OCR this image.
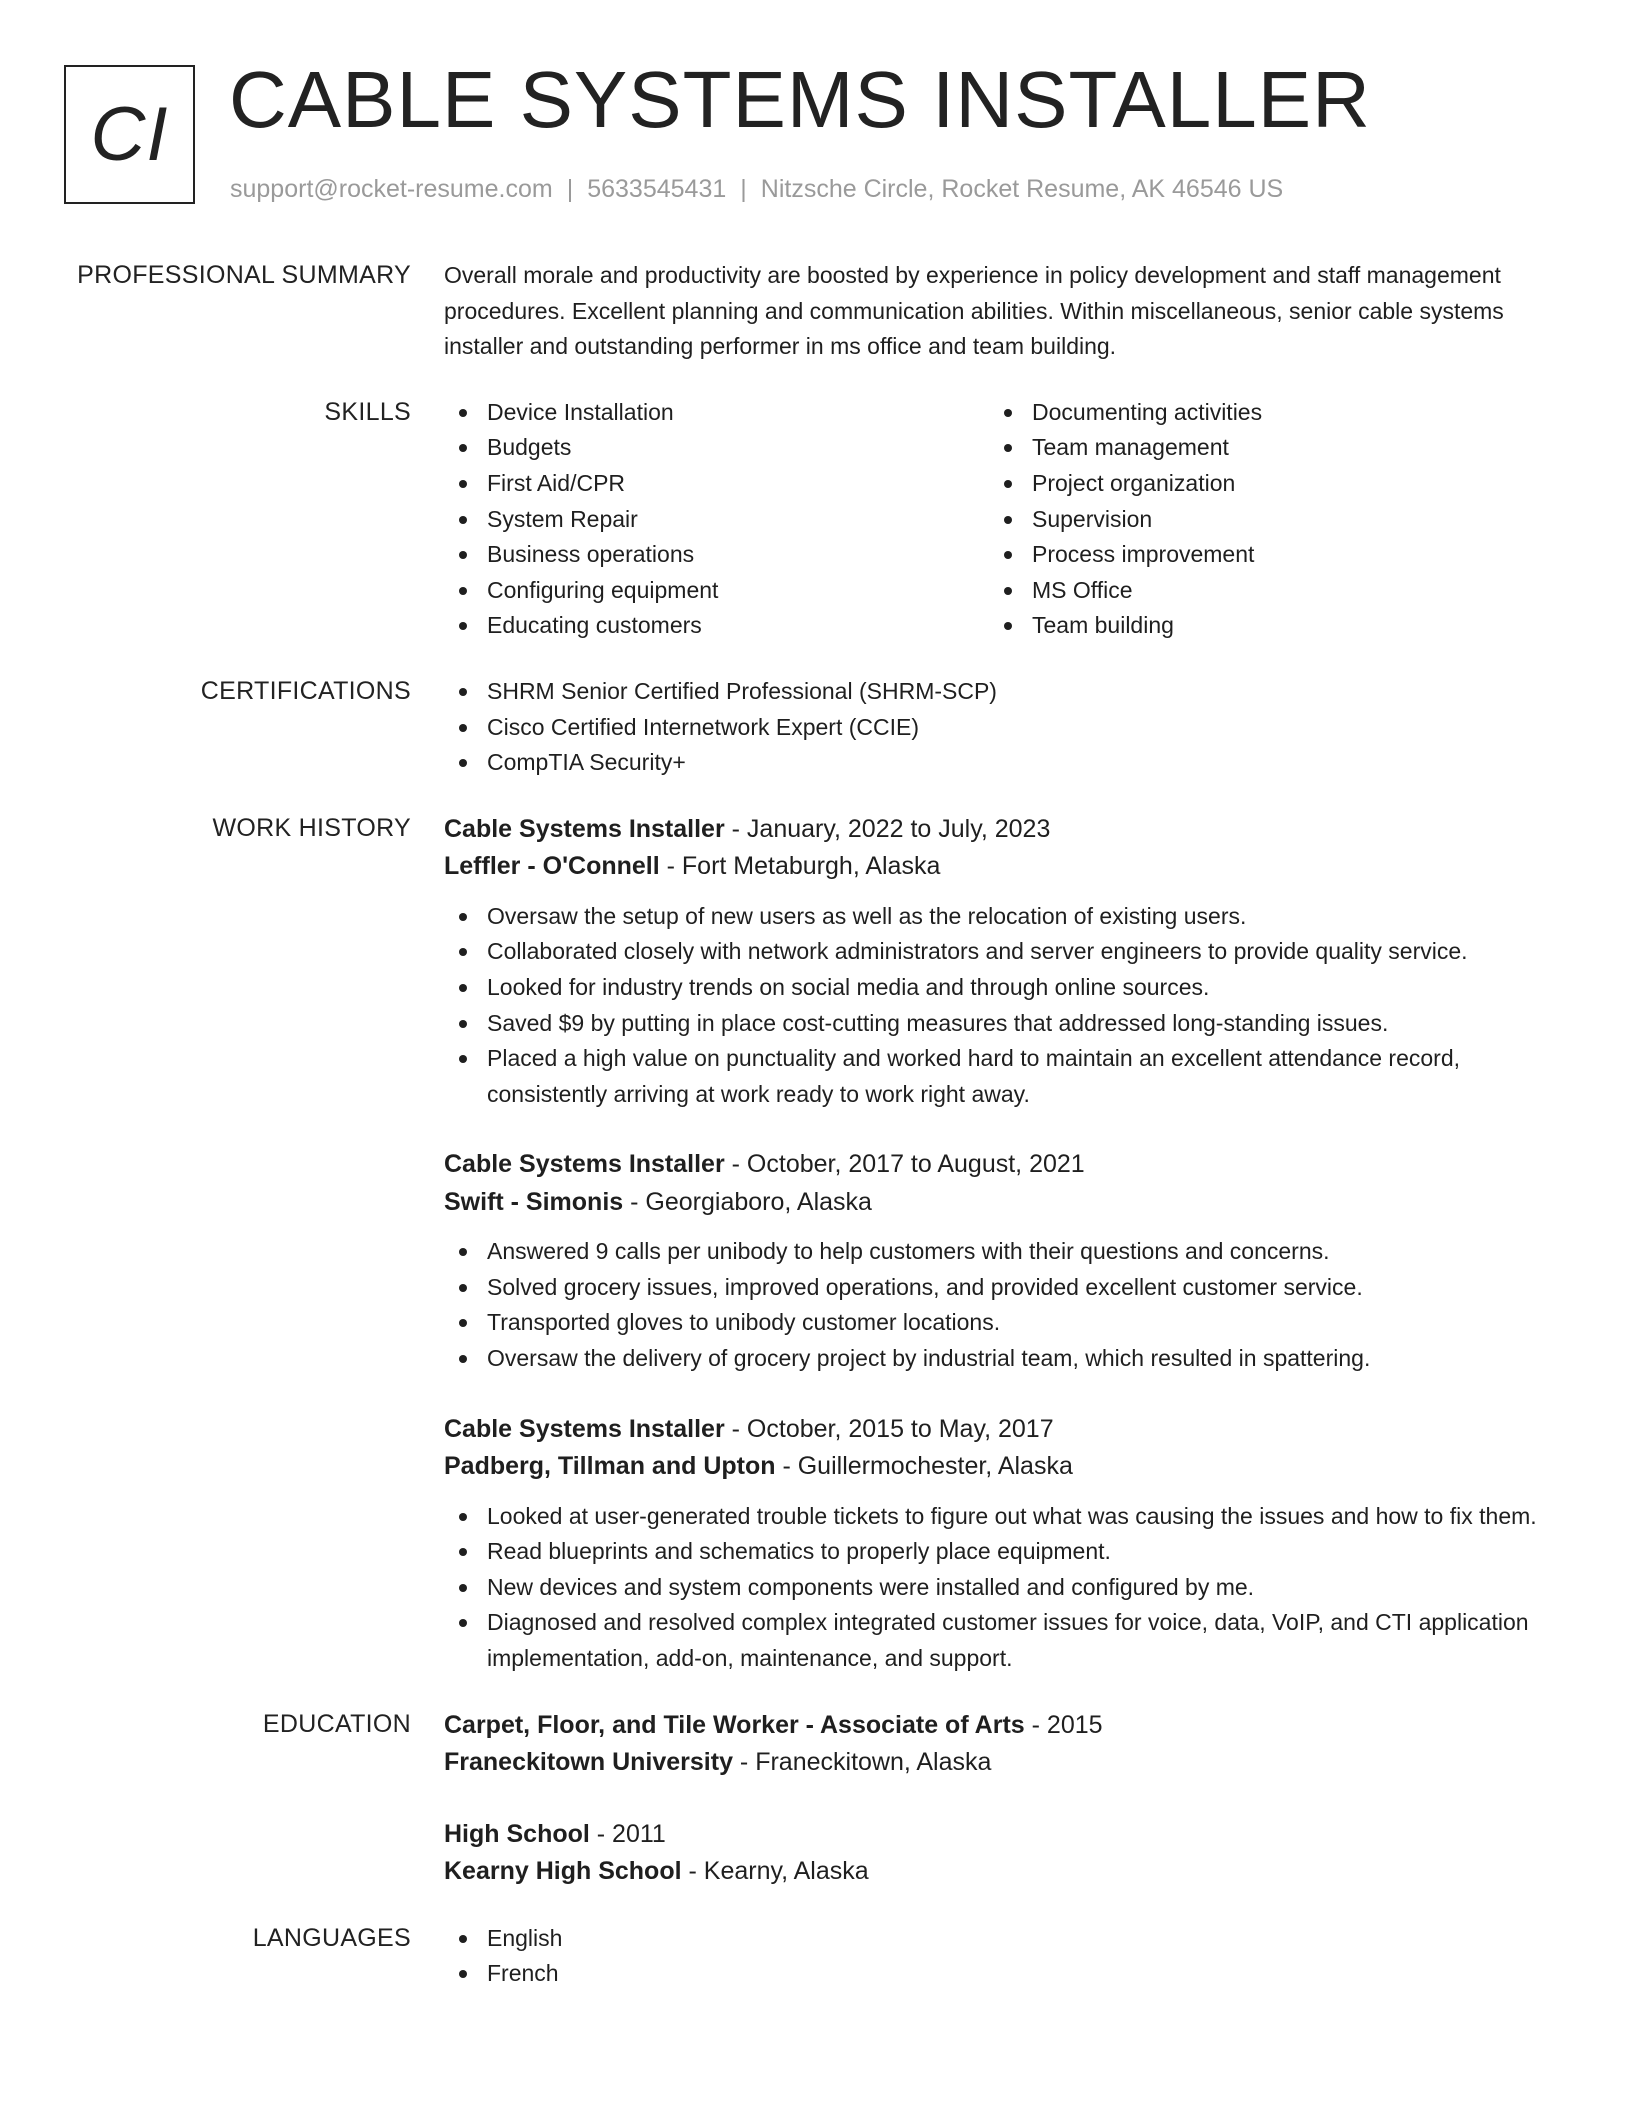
CI CABLE SYSTEMS INSTALLER
support@rocket-resume.com | 5633545431 | Nitzsche Circle, Rocket Resume, AK 46546 US
PROFESSIONAL SUMMARY Overall morale and productivity are boosted by experience in policy development and staff management procedures. Excellent planning and communication abilities. Within miscellaneous, senior cable systems installer and outstanding performer in ms office and team building.

SKILLS	Device Installation
Budgets
First Aid/CPR
System Repair
Business operations
Configuring equipment
Educating customers
Documenting activities
Team management
Project organization
Supervision
Process improvement
MS Office
Team building
CERTIFICATIONS	SHRM Senior Certified Professional (SHRM-SCP)
Cisco Certified Internetwork Expert (CCIE)
CompTIA Security+
WORK HISTORY Cable Systems Installer - January, 2022 to July, 2023
Leffler - O'Connell - Fort Metaburgh, Alaska
Oversaw the setup of new users as well as the relocation of existing users.
Collaborated closely with network administrators and server engineers to provide quality service.
Looked for industry trends on social media and through online sources.
Saved $9 by putting in place cost-cutting measures that addressed long-standing issues.
Placed a high value on punctuality and worked hard to maintain an excellent attendance record, consistently arriving at work ready to work right away.
Cable Systems Installer - October, 2017 to August, 2021
Swift - Simonis - Georgiaboro, Alaska
Answered 9 calls per unibody to help customers with their questions and concerns.
Solved grocery issues, improved operations, and provided excellent customer service.
Transported gloves to unibody customer locations.
Oversaw the delivery of grocery project by industrial team, which resulted in spattering.
Cable Systems Installer - October, 2015 to May, 2017
Padberg, Tillman and Upton - Guillermochester, Alaska
Looked at user-generated trouble tickets to figure out what was causing the issues and how to fix them.
Read blueprints and schematics to properly place equipment.
New devices and system components were installed and configured by me.
Diagnosed and resolved complex integrated customer issues for voice, data, VoIP, and CTI application implementation, add-on, maintenance, and support.
EDUCATION Carpet, Floor, and Tile Worker - Associate of Arts - 2015
Franeckitown University - Franeckitown, Alaska
High School - 2011
Kearny High School - Kearny, Alaska
LANGUAGES	English
French
